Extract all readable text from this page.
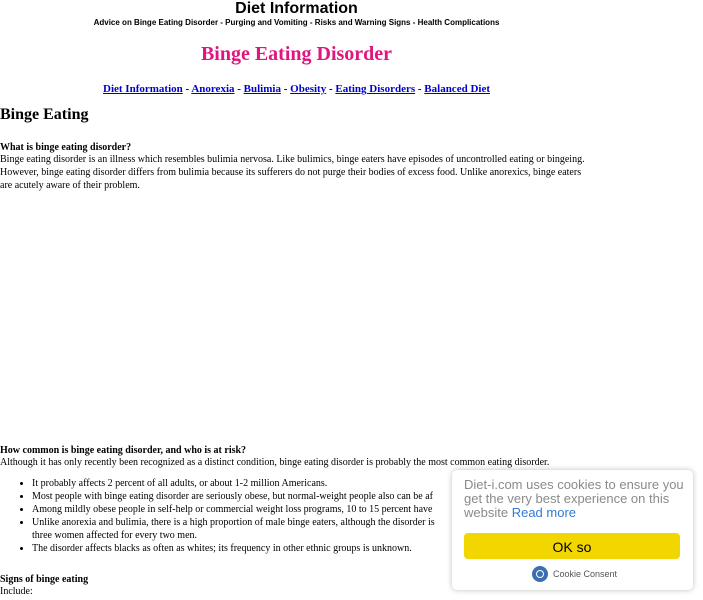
Diet Information

Advice on Binge Eating Disorder - Purging and Vomiting - Risks and Warning Signs - Health Complications

Binge Eating Disorder
Diet Information - Anorexia - Bulimia - Obesity - Eating Disorders - Balanced Diet
Binge Eating

What is binge eating disorder?

Binge eating disorder is an illness which resembles bulimia nervosa. Like bulimics, binge eaters have episodes of uncontrolled eating or bingeing. However, binge eating disorder differs from bulimia because its sufferers do not purge their bodies of excess food. Unlike anorexics, binge eaters are acutely aware of their problem.

How common is binge eating disorder, and who is at risk?

Although it has only recently been recognized as a distinct condition, binge eating disorder is probably the most common eating disorder.

• It probably affects 2 percent of all adults, or about 1-2 million Americans.
• Most people with binge eating disorder are seriously obese, but normal-weight people also can be af
• Among mildly obese people in self-help or commercial weight loss programs, 10 to 15 percent have
• Unlike anorexia and bulimia, there is a high proportion of male binge eaters, although the disorder is
three women affected for every two men.
• The disorder affects blacks as often as whites; its frequency in other ethnic groups is unknown.

Signs of binge eating

Include:

Diet-i.com uses cookies to ensure you get the very best experience on this website Read more

OK so
Cookie Consent
